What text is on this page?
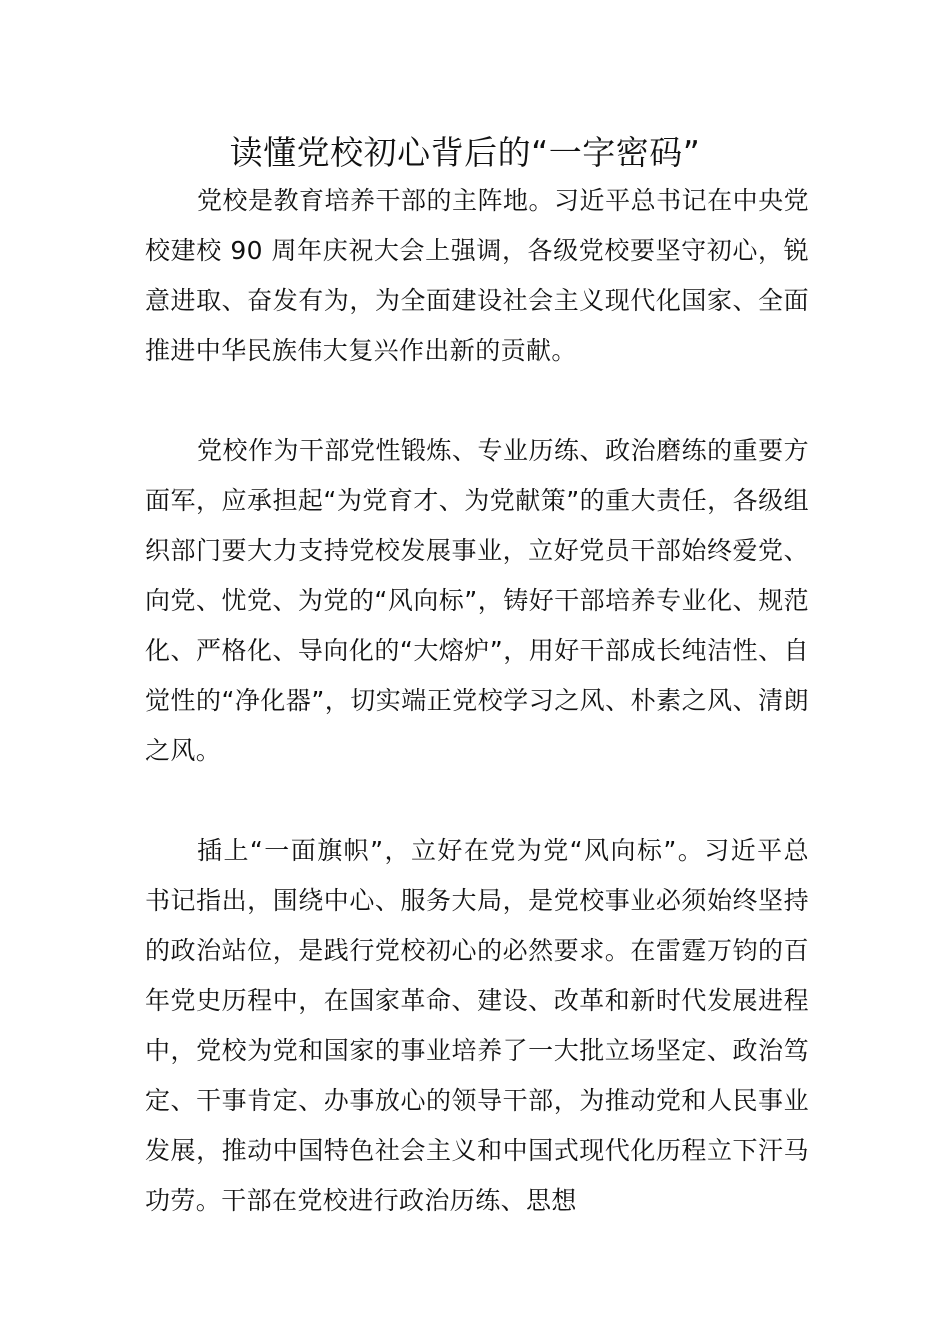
读懂党校初心背后的“一字密码”

党校是教育培养干部的主阵地。习近平总书记在中央党校建校 90 周年庆祝大会上强调，各级党校要坚守初心，锐意进取、奋发有为，为全面建设社会主义现代化国家、全面推进中华民族伟大复兴作出新的贡献。

党校作为干部党性锻炼、专业历练、政治磨练的重要方面军，应承担起“为党育才、为党献策”的重大责任，各级组织部门要大力支持党校发展事业，立好党员干部始终爱党、向党、忧党、为党的“风向标”，铸好干部培养专业化、规范化、严格化、导向化的“大熔炉”，用好干部成长纯洁性、自觉性的“净化器”，切实端正党校学习之风、朴素之风、清朗之风。

插上“一面旗帜”，立好在党为党“风向标”。习近平总书记指出，围绕中心、服务大局，是党校事业必须始终坚持的政治站位，是践行党校初心的必然要求。在雷霆万钧的百年党史历程中，在国家革命、建设、改革和新时代发展进程中，党校为党和国家的事业培养了一大批立场坚定、政治笃定、干事肯定、办事放心的领导干部，为推动党和人民事业发展，推动中国特色社会主义和中国式现代化历程立下汗马功劳。干部在党校进行政治历练、思想
